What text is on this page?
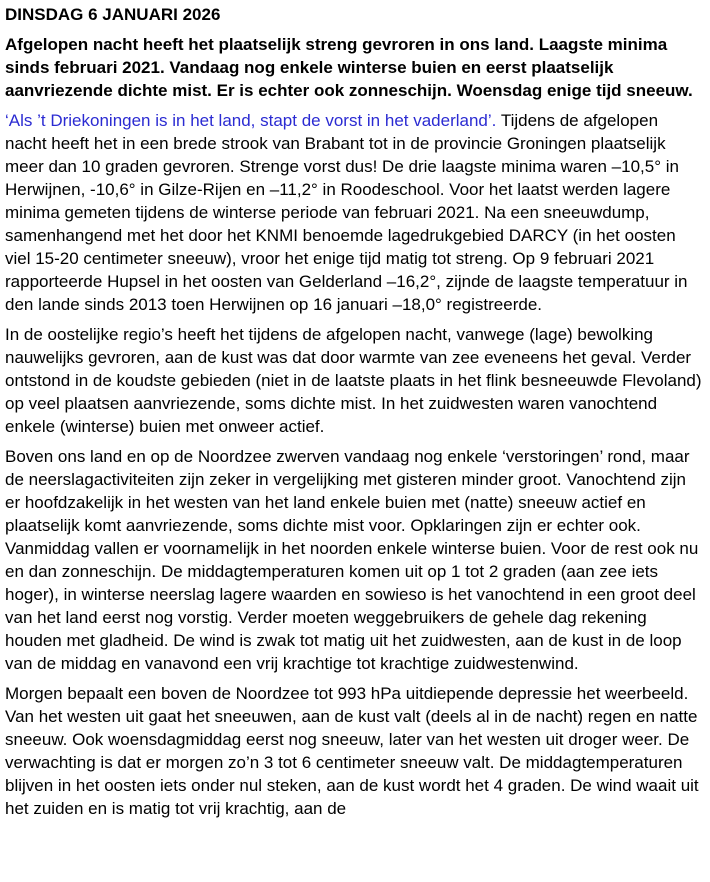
DINSDAG 6 JANUARI 2026

Afgelopen nacht heeft het plaatselijk streng gevroren in ons land. Laagste minima sinds februari 2021. Vandaag nog enkele winterse buien en eerst plaatselijk aanvriezende dichte mist. Er is echter ook zonneschijn. Woensdag enige tijd sneeuw.

‘Als ’t Driekoningen is in het land, stapt de vorst in het vaderland’. Tijdens de afgelopen nacht heeft het in een brede strook van Brabant tot in de provincie Groningen plaatselijk meer dan 10 graden gevroren. Strenge vorst dus! De drie laagste minima waren –10,5° in Herwijnen, -10,6° in Gilze-Rijen en –11,2° in Roodeschool. Voor het laatst werden lagere minima gemeten tijdens de winterse periode van februari 2021. Na een sneeuwdump, samenhangend met het door het KNMI benoemde lagedrukgebied DARCY (in het oosten viel 15-20 centimeter sneeuw), vroor het enige tijd matig tot streng. Op 9 februari 2021 rapporteerde Hupsel in het oosten van Gelderland –16,2°, zijnde de laagste temperatuur in den lande sinds 2013 toen Herwijnen op 16 januari –18,0° registreerde.

In de oostelijke regio’s heeft het tijdens de afgelopen nacht, vanwege (lage) bewolking nauwelijks gevroren, aan de kust was dat door warmte van zee eveneens het geval. Verder ontstond in de koudste gebieden (niet in de laatste plaats in het flink besneeuwde Flevoland) op veel plaatsen aanvriezende, soms dichte mist. In het zuidwesten waren vanochtend enkele (winterse) buien met onweer actief.

Boven ons land en op de Noordzee zwerven vandaag nog enkele ‘verstoringen’ rond, maar de neerslagactiviteiten zijn zeker in vergelijking met gisteren minder groot. Vanochtend zijn er hoofdzakelijk in het westen van het land enkele buien met (natte) sneeuw actief en plaatselijk komt aanvriezende, soms dichte mist voor. Opklaringen zijn er echter ook. Vanmiddag vallen er voornamelijk in het noorden enkele winterse buien. Voor de rest ook nu en dan zonneschijn. De middagtemperaturen komen uit op 1 tot 2 graden (aan zee iets hoger), in winterse neerslag lagere waarden en sowieso is het vanochtend in een groot deel van het land eerst nog vorstig. Verder moeten weggebruikers de gehele dag rekening houden met gladheid. De wind is zwak tot matig uit het zuidwesten, aan de kust in de loop van de middag en vanavond een vrij krachtige tot krachtige zuidwestenwind.

Morgen bepaalt een boven de Noordzee tot 993 hPa uitdiepende depressie het weerbeeld. Van het westen uit gaat het sneeuwen, aan de kust valt (deels al in de nacht) regen en natte sneeuw. Ook woensdagmiddag eerst nog sneeuw, later van het westen uit droger weer. De verwachting is dat er morgen zo’n 3 tot 6 centimeter sneeuw valt. De middagtemperaturen blijven in het oosten iets onder nul steken, aan de kust wordt het 4 graden. De wind waait uit het zuiden en is matig tot vrij krachtig, aan de
